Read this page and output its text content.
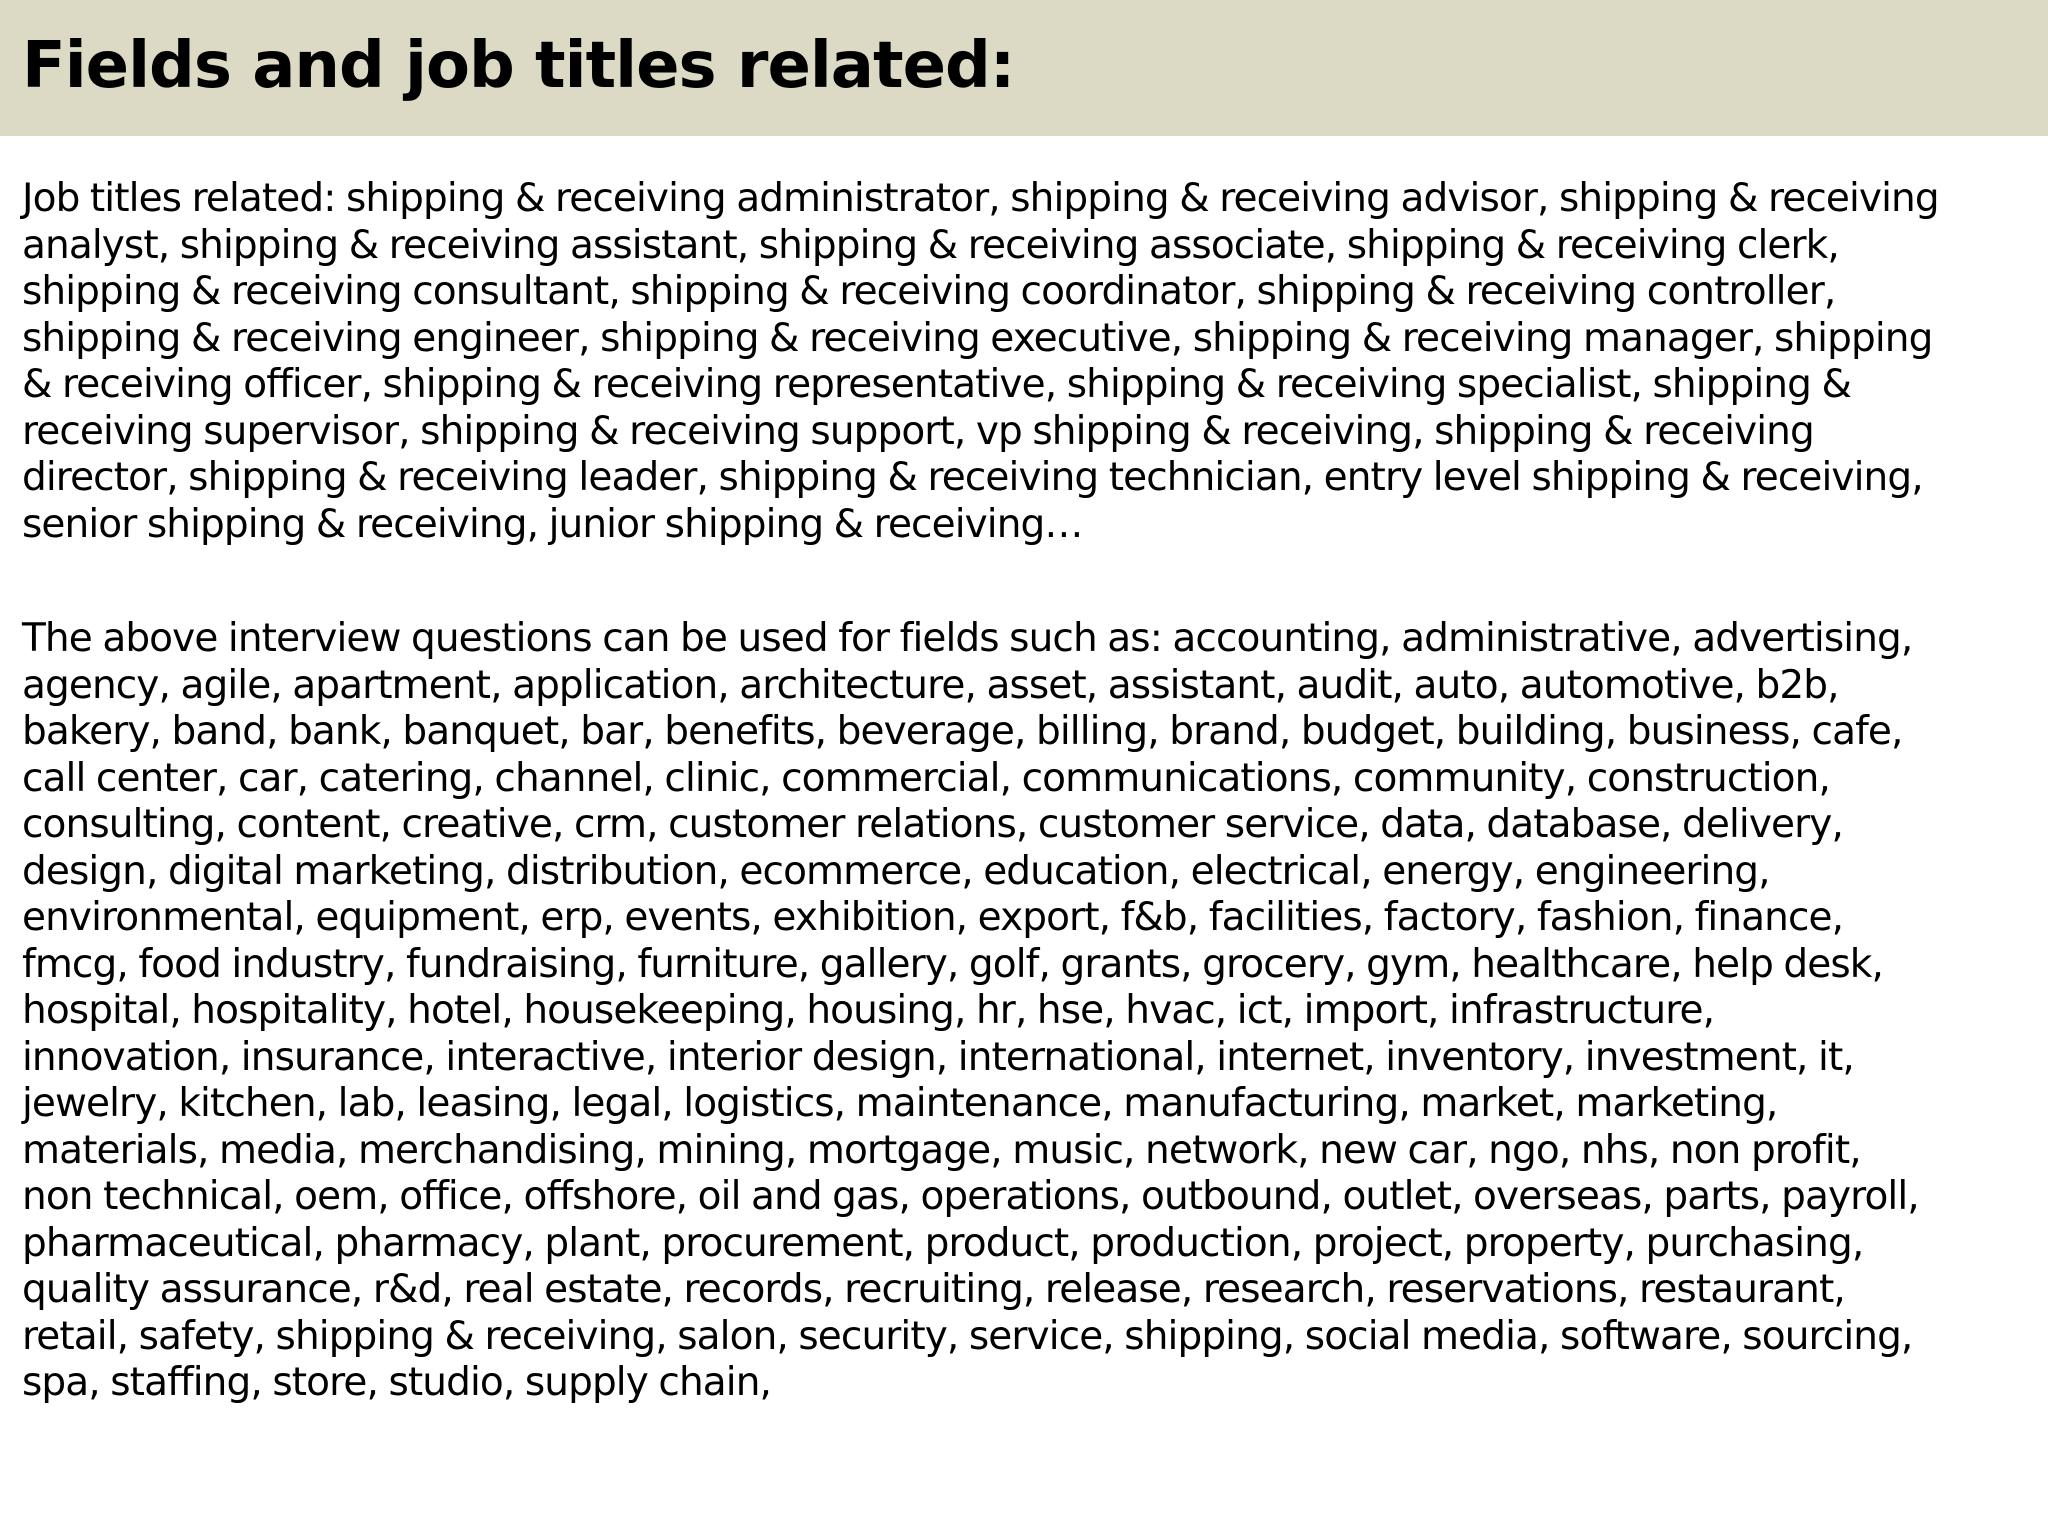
Fields and job titles related:

Job titles related: shipping & receiving administrator, shipping & receiving advisor, shipping & receiving
analyst, shipping & receiving assistant, shipping & receiving associate, shipping & receiving clerk,
shipping & receiving consultant, shipping & receiving coordinator, shipping & receiving controller,
shipping & receiving engineer, shipping & receiving executive, shipping & receiving manager, shipping
& receiving officer, shipping & receiving representative, shipping & receiving specialist, shipping &
receiving supervisor, shipping & receiving support, vp shipping & receiving, shipping & receiving
director, shipping & receiving leader, shipping & receiving technician, entry level shipping & receiving,
senior shipping & receiving, junior shipping & receiving…

The above interview questions can be used for fields such as: accounting, administrative, advertising,
agency, agile, apartment, application, architecture, asset, assistant, audit, auto, automotive, b2b,
bakery, band, bank, banquet, bar, benefits, beverage, billing, brand, budget, building, business, cafe,
call center, car, catering, channel, clinic, commercial, communications, community, construction,
consulting, content, creative, crm, customer relations, customer service, data, database, delivery,
design, digital marketing, distribution, ecommerce, education, electrical, energy, engineering,
environmental, equipment, erp, events, exhibition, export, f&b, facilities, factory, fashion, finance,
fmcg, food industry, fundraising, furniture, gallery, golf, grants, grocery, gym, healthcare, help desk,
hospital, hospitality, hotel, housekeeping, housing, hr, hse, hvac, ict, import, infrastructure,
innovation, insurance, interactive, interior design, international, internet, inventory, investment, it,
jewelry, kitchen, lab, leasing, legal, logistics, maintenance, manufacturing, market, marketing,
materials, media, merchandising, mining, mortgage, music, network, new car, ngo, nhs, non profit,
non technical, oem, office, offshore, oil and gas, operations, outbound, outlet, overseas, parts, payroll,
pharmaceutical, pharmacy, plant, procurement, product, production, project, property, purchasing,
quality assurance, r&d, real estate, records, recruiting, release, research, reservations, restaurant,
retail, safety, shipping & receiving, salon, security, service, shipping, social media, software, sourcing,
spa, staffing, store, studio, supply chain,
